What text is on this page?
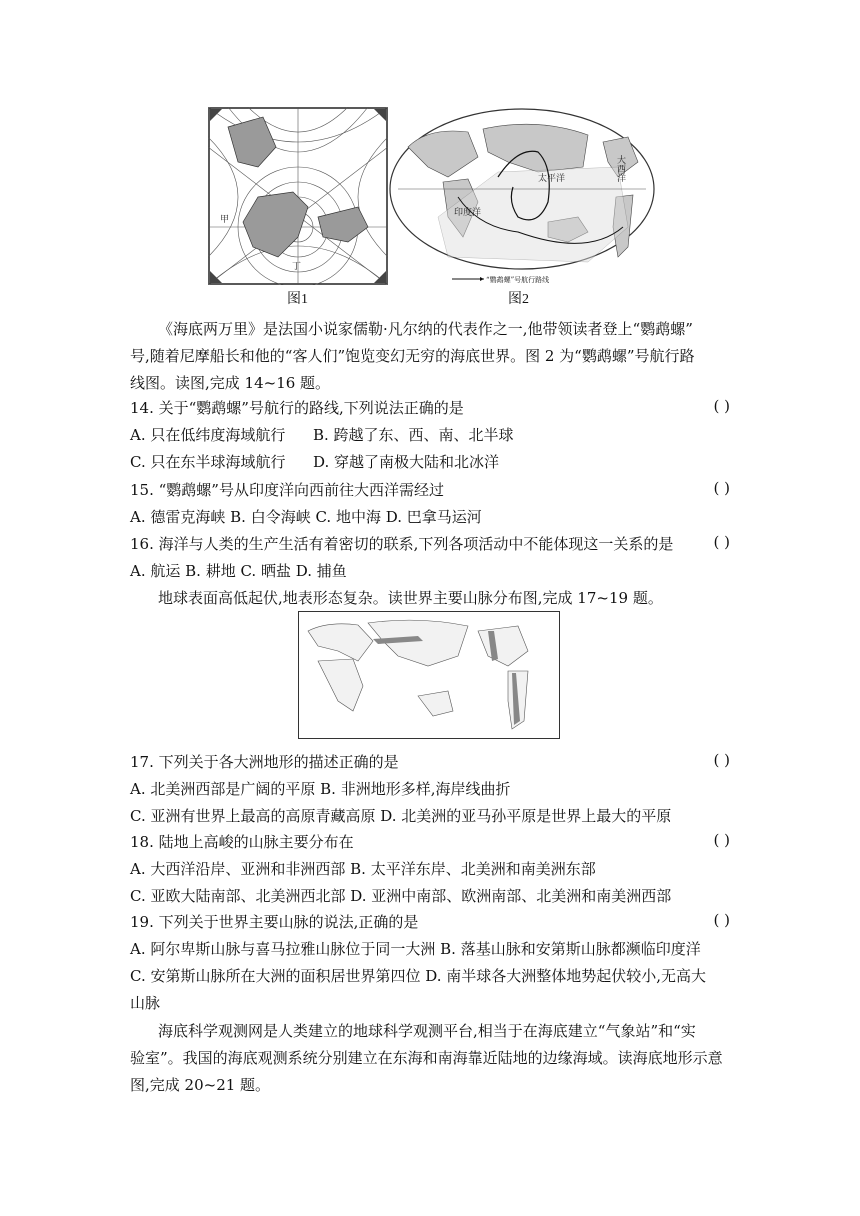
甲
丁
图1
太平洋
印度洋
大西洋
“鹦鹉螺”号航行路线
图2
《海底两万里》是法国小说家儒勒·凡尔纳的代表作之一,他带领读者登上“鹦鹉螺”
号,随着尼摩船长和他的“客人们”饱览变幻无穷的海底世界。图 2 为“鹦鹉螺”号航行路
线图。读图,完成 14~16 题。
14. 关于“鹦鹉螺”号航行的路线,下列说法正确的是	( )
A. 只在低纬度海域航行 B. 跨越了东、西、南、北半球
C. 只在东半球海域航行 D. 穿越了南极大陆和北冰洋
15. “鹦鹉螺”号从印度洋向西前往大西洋需经过	( )
A. 德雷克海峡 B. 白令海峡 C. 地中海 D. 巴拿马运河
16. 海洋与人类的生产生活有着密切的联系,下列各项活动中不能体现这一关系的是	( )
A. 航运 B. 耕地 C. 晒盐 D. 捕鱼
地球表面高低起伏,地表形态复杂。读世界主要山脉分布图,完成 17~19 题。
17. 下列关于各大洲地形的描述正确的是	( )
A. 北美洲西部是广阔的平原 B. 非洲地形多样,海岸线曲折
C. 亚洲有世界上最高的高原青藏高原 D. 北美洲的亚马孙平原是世界上最大的平原
18. 陆地上高峻的山脉主要分布在	( )
A. 大西洋沿岸、亚洲和非洲西部 B. 太平洋东岸、北美洲和南美洲东部
C. 亚欧大陆南部、北美洲西北部 D. 亚洲中南部、欧洲南部、北美洲和南美洲西部
19. 下列关于世界主要山脉的说法,正确的是	( )
A. 阿尔卑斯山脉与喜马拉雅山脉位于同一大洲 B. 落基山脉和安第斯山脉都濒临印度洋
C. 安第斯山脉所在大洲的面积居世界第四位 D. 南半球各大洲整体地势起伏较小,无高大
山脉
海底科学观测网是人类建立的地球科学观测平台,相当于在海底建立“气象站”和“实
验室”。我国的海底观测系统分别建立在东海和南海靠近陆地的边缘海域。读海底地形示意
图,完成 20~21 题。
